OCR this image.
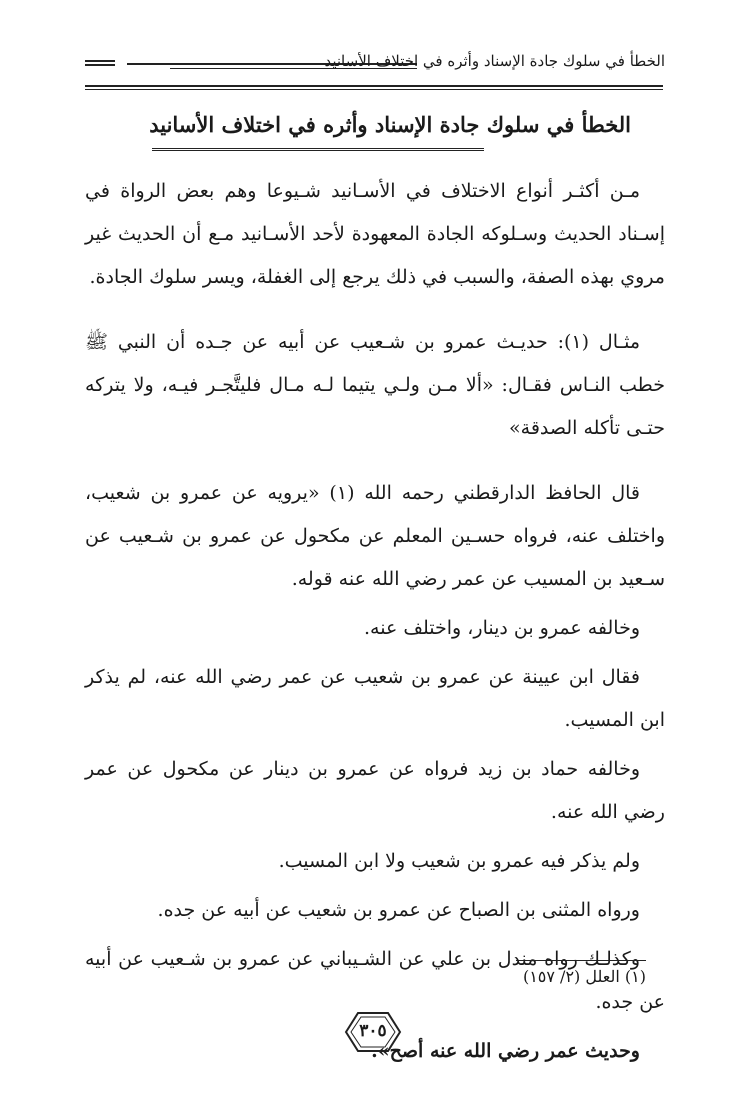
الخطأ في سلوك جادة الإسناد وأثره في اختلاف الأسانيد
الخطأ في سلوك جادة الإسناد وأثره في اختلاف الأسانيد

مـن أكثـر أنواع الاختلاف في الأسـانيد شـيوعا وهم بعض الرواة في إسـناد الحديث وسـلوكه الجادة المعهودة لأحد الأسـانيد مـع أن الحديث غير مروي بهذه الصفة، والسبب في ذلك يرجع إلى الغفلة، ويسر سلوك الجادة.

مثـال (١): حديـث عمرو بن شـعيب عن أبيه عن جـده أن النبي ﷺ خطب النـاس فقـال: «ألا مـن ولـي يتيما لـه مـال فليتَّجـر فيـه، ولا يتركه حتـى تأكله الصدقة»

قال الحافظ الدارقطني رحمه الله (١) «يرويه عن عمرو بن شعيب، واختلف عنه، فرواه حسـين المعلم عن مكحول عن عمرو بن شـعيب عن سـعيد بن المسيب عن عمر رضي الله عنه قوله.

وخالفه عمرو بن دينار، واختلف عنه.

فقال ابن عيينة عن عمرو بن شعيب عن عمر رضي الله عنه، لم يذكر ابن المسيب.

وخالفه حماد بن زيد فرواه عن عمرو بن دينار عن مكحول عن عمر رضي الله عنه.

ولم يذكر فيه عمرو بن شعيب ولا ابن المسيب.

ورواه المثنى بن الصباح عن عمرو بن شعيب عن أبيه عن جده.

وكذلـك رواه مندل بن علي عن الشـيباني عن عمرو بن شـعيب عن أبيه عن جده.

وحديث عمر رضي الله عنه أصح».

(١) العلل (٢/ ١٥٧)
٣٠٥
